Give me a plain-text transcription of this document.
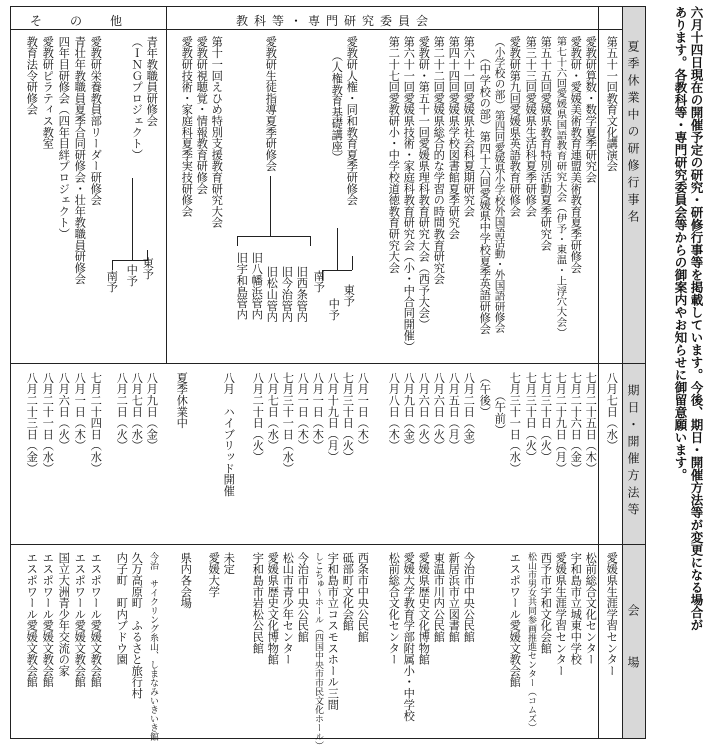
六月十四日現在の開催予定の研究・研修行事等を掲載しています。今後、期日・開催方法等が変更になる場合が
あります。各教科等・専門研究委員会等からの御案内やお知らせに御留意願います。
夏季休業中の研修行事名
期日・開催方法等
会場
教科等・専門研究委員会
その他
第五十一回教育文化講演会
八月七日（水）
愛媛県生涯学習センター
愛教研算数・数学夏季研究会
七月二十五日（木）
松前総合文化センター
愛教研・愛媛美術教育連盟美術教育夏季研修会
七月二十六日（金）
宇和島市立城東中学校
第七十六回愛媛県国語教育研究大会（伊予・東温・上浮穴大会）
七月二十九日（月）
愛媛県生涯学習センター
第五十五回愛媛県教育特別活動夏季研究会
七月三十日（火）
西予市宇和文化会館
第三十三回愛媛県生活科夏季研修会
七月三十日（火）
松山市男女共同参画推進センター（コムズ）
愛教研第九回愛媛県英語教育研修会
七月三十一日（水）
エスポワール愛媛文教会館
（小学校の部）第四回愛媛県小学校外国語活動・外国語研修会
（午前）
（中学校の部）第四十六回愛媛県中学校夏季英語研修会
（午後）
第六十一回愛媛県社会科夏期研究会
八月二日（金）
今治市中央公民館
第四十四回愛媛県学校図書館夏季研究会
八月五日（月）
新居浜市立図書館
第二十二回愛媛県総合的な学習の時間教育研究会
八月六日（火）
東温市川内公民館
愛教研・第五十一回愛媛県理科教育研究大会（西予大会）
八月六日（火）
愛媛県歴史文化博物館
第六十一回愛媛県技術・家庭科教育研究会（小・中合同開催）
八月九日（金）
愛媛大学教育学部附属小・中学校
第二十七回愛教研小・中学校道徳教育研究大会
八月八日（木）
松前総合文化センター
愛教研人権・同和教育夏季研修会
（人権教育基礎講座）
東予
中予
南予
八月一日（木）
西条市中央公民館
七月三十日（火）
砥部町文化会館
八月十九日（月）
宇和島市立コスモスホール三間
八月一日（木）
しこちゅ～ホール（四国中央市市民文化ホール）
愛教研生徒指導夏季研修会
旧西条管内
旧今治管内
旧松山管内
旧八幡浜管内
旧宇和島管内
八月一日（木）
今治市中央公民館
七月三十一日（水）
松山市青少年センター
八月七日（水）
愛媛県歴史文化博物館
八月二十日（火）
宇和島市岩松公民館
第十一回えひめ特別支援教育研究大会
八月　ハイブリッド開催
未定
愛教研視聴覚・情報教育研修会
夏季休業中
愛媛大学
愛教研技術・家庭科夏季実技研修会
県内各会場
青年教職員研修会
（ＩＮＧプロジェクト）
東予
中予
南予
八月九日（金）
今治　サイクリング糸山、しまなみいきいき館
八月七日（水）
久万高原町　ふるさと旅行村
八月二日（火）
内子町　町内ブドウ園
愛教研栄養教員部リーダー研修会
七月二十四日（水）
エスポワール愛媛文教会館
青壮年教職員夏季合同研修会・壮年教職員研修会
八月一日（木）
エスポワール愛媛文教会館
四年目研修会（四年目絆プロジェクト）
八月六日（火）
国立大洲青少年交流の家
愛教研ピラティス教室
八月二十一日（水）
エスポワール愛媛文教会館
教育法令研修会
八月二十三日（金）
エスポワール愛媛文教会館
